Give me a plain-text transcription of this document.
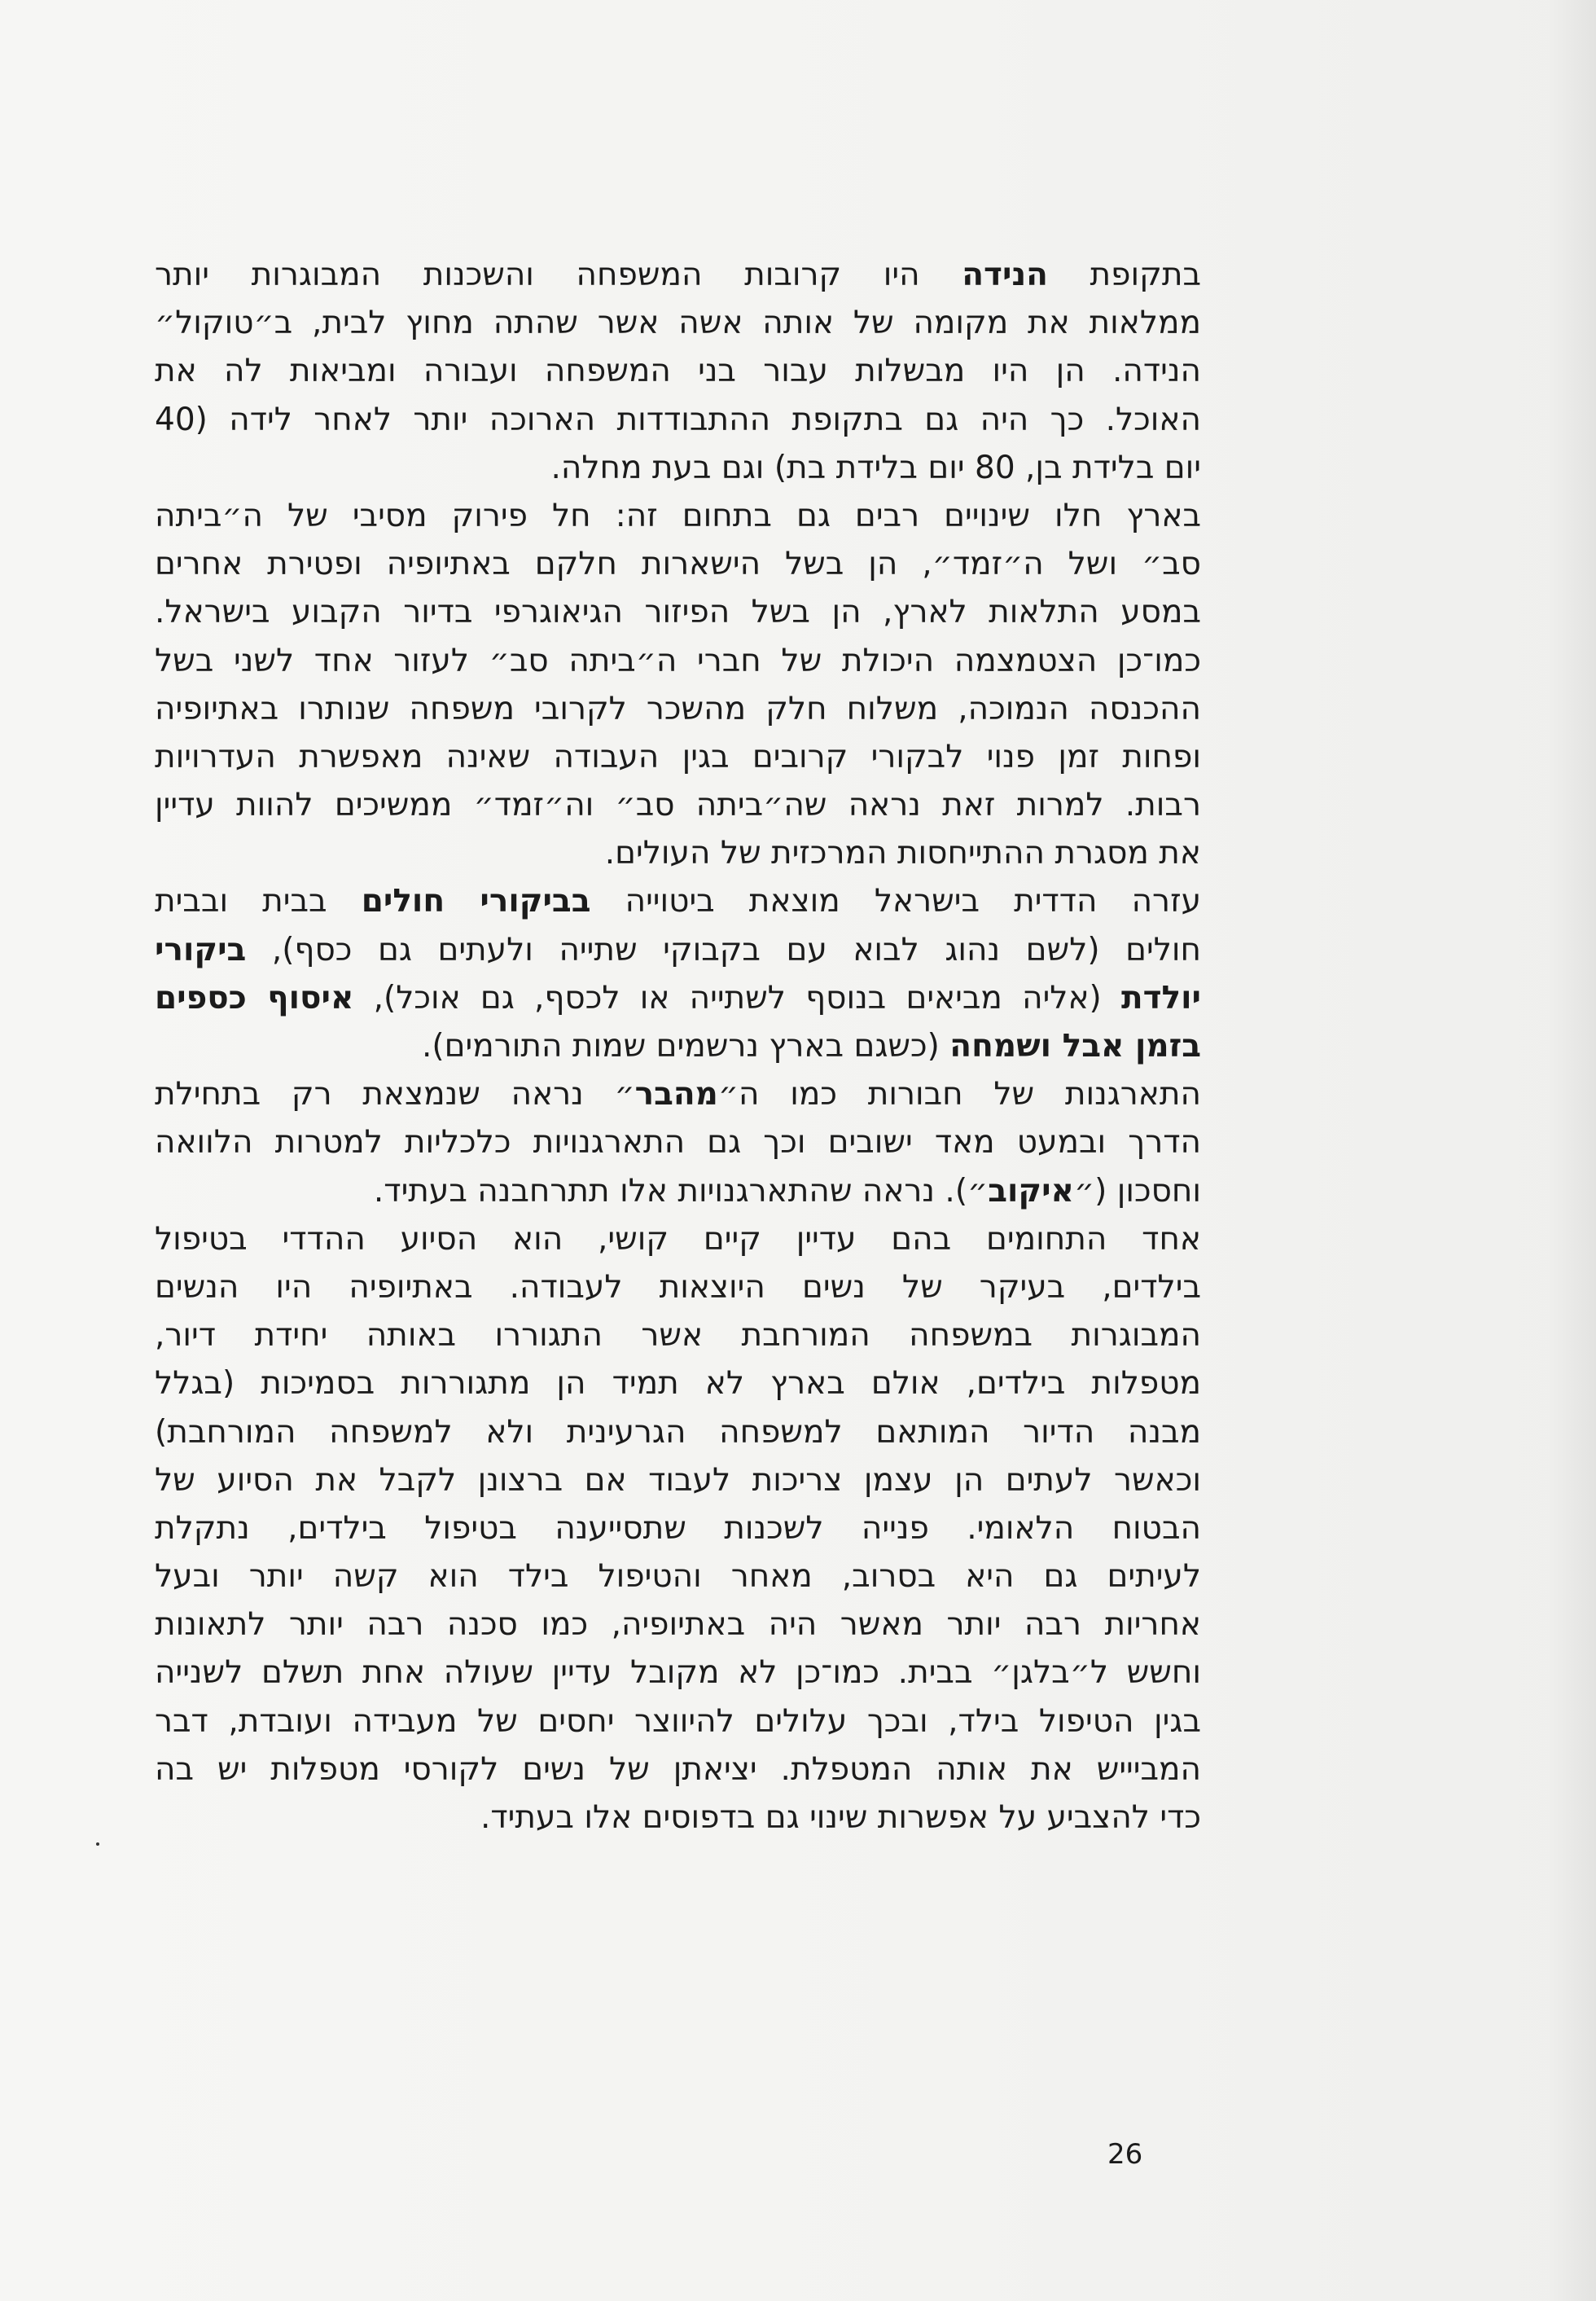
בתקופת הנידה היו קרובות המשפחה והשכנות המבוגרות יותר
ממלאות את מקומה של אותה אשה אשר שהתה מחוץ לבית, ב״טוקול״
הנידה. הן היו מבשלות עבור בני המשפחה ועבורה ומביאות לה את
האוכל. כך היה גם בתקופת ההתבודדות הארוכה יותר לאחר לידה (40
יום בלידת בן, 80 יום בלידת בת) וגם בעת מחלה.
בארץ חלו שינויים רבים גם בתחום זה: חל פירוק מסיבי של ה״ביתה
סב״ ושל ה״זמד״, הן בשל הישארות חלקם באתיופיה ופטירת אחרים
במסע התלאות לארץ, הן בשל הפיזור הגיאוגרפי בדיור הקבוע בישראל.
כמו־כן הצטמצמה היכולת של חברי ה״ביתה סב״ לעזור אחד לשני בשל
ההכנסה הנמוכה, משלוח חלק מהשכר לקרובי משפחה שנותרו באתיופיה
ופחות זמן פנוי לבקורי קרובים בגין העבודה שאינה מאפשרת העדרויות
רבות. למרות זאת נראה שה״ביתה סב״ וה״זמד״ ממשיכים להוות עדיין
את מסגרת ההתייחסות המרכזית של העולים.
עזרה הדדית בישראל מוצאת ביטוייה בביקורי חולים בבית ובבית
חולים (לשם נהוג לבוא עם בקבוקי שתייה ולעתים גם כסף), ביקורי
יולדת (אליה מביאים בנוסף לשתייה או לכסף, גם אוכל), איסוף כספים
בזמן אבל ושמחה (כשגם בארץ נרשמים שמות התורמים).
התארגנות של חבורות כמו ה״מהבר״ נראה שנמצאת רק בתחילת
הדרך ובמעט מאד ישובים וכך גם התארגנויות כלכליות למטרות הלוואה
וחסכון (״איקוב״). נראה שהתארגנויות אלו תתרחבנה בעתיד.
אחד התחומים בהם עדיין קיים קושי, הוא הסיוע ההדדי בטיפול
בילדים, בעיקר של נשים היוצאות לעבודה. באתיופיה היו הנשים
המבוגרות במשפחה המורחבת אשר התגוררו באותה יחידת דיור,
מטפלות בילדים, אולם בארץ לא תמיד הן מתגוררות בסמיכות (בגלל
מבנה הדיור המותאם למשפחה הגרעינית ולא למשפחה המורחבת)
וכאשר לעתים הן עצמן צריכות לעבוד אם ברצונן לקבל את הסיוע של
הבטוח הלאומי. פנייה לשכנות שתסייענה בטיפול בילדים, נתקלת
לעיתים גם היא בסרוב, מאחר והטיפול בילד הוא קשה יותר ובעל
אחריות רבה יותר מאשר היה באתיופיה, כמו סכנה רבה יותר לתאונות
וחשש ל״בלגן״ בבית. כמו־כן לא מקובל עדיין שעולה אחת תשלם לשנייה
בגין הטיפול בילד, ובכך עלולים להיווצר יחסים של מעבידה ועובדת, דבר
המביייש את אותה המטפלת. יציאתן של נשים לקורסי מטפלות יש בה
כדי להצביע על אפשרות שינוי גם בדפוסים אלו בעתיד.
26
